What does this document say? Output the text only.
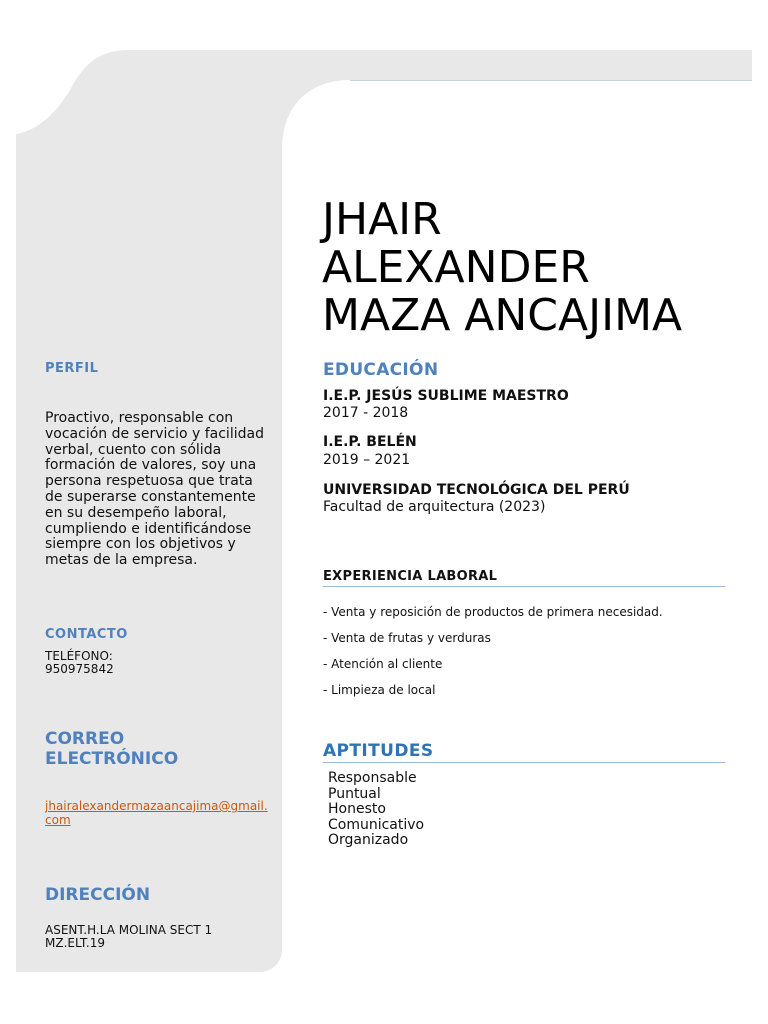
PERFIL
Proactivo, responsable con vocación de servicio y facilidad verbal, cuento con sólida formación de valores, soy una persona respetuosa que trata de superarse constantemente en su desempeño laboral, cumpliendo e identificándose siempre con los objetivos y metas de la empresa.
CONTACTO
TELÉFONO:
950975842
CORREO
ELECTRÓNICO
jhairalexandermazaancajima@gmail.com
DIRECCIÓN
ASENT.H.LA MOLINA SECT 1
MZ.ELT.19
JHAIR
ALEXANDER
MAZA ANCAJIMA
EDUCACIÓN
I.E.P. JESÚS SUBLIME MAESTRO
2017 - 2018
I.E.P. BELÉN
2019 – 2021
UNIVERSIDAD TECNOLÓGICA DEL PERÚ
Facultad de arquitectura (2023)
EXPERIENCIA LABORAL
- Venta y reposición de productos de primera necesidad.
- Venta de frutas y verduras
- Atención al cliente
- Limpieza de local
APTITUDES
Responsable
Puntual
Honesto
Comunicativo
Organizado
